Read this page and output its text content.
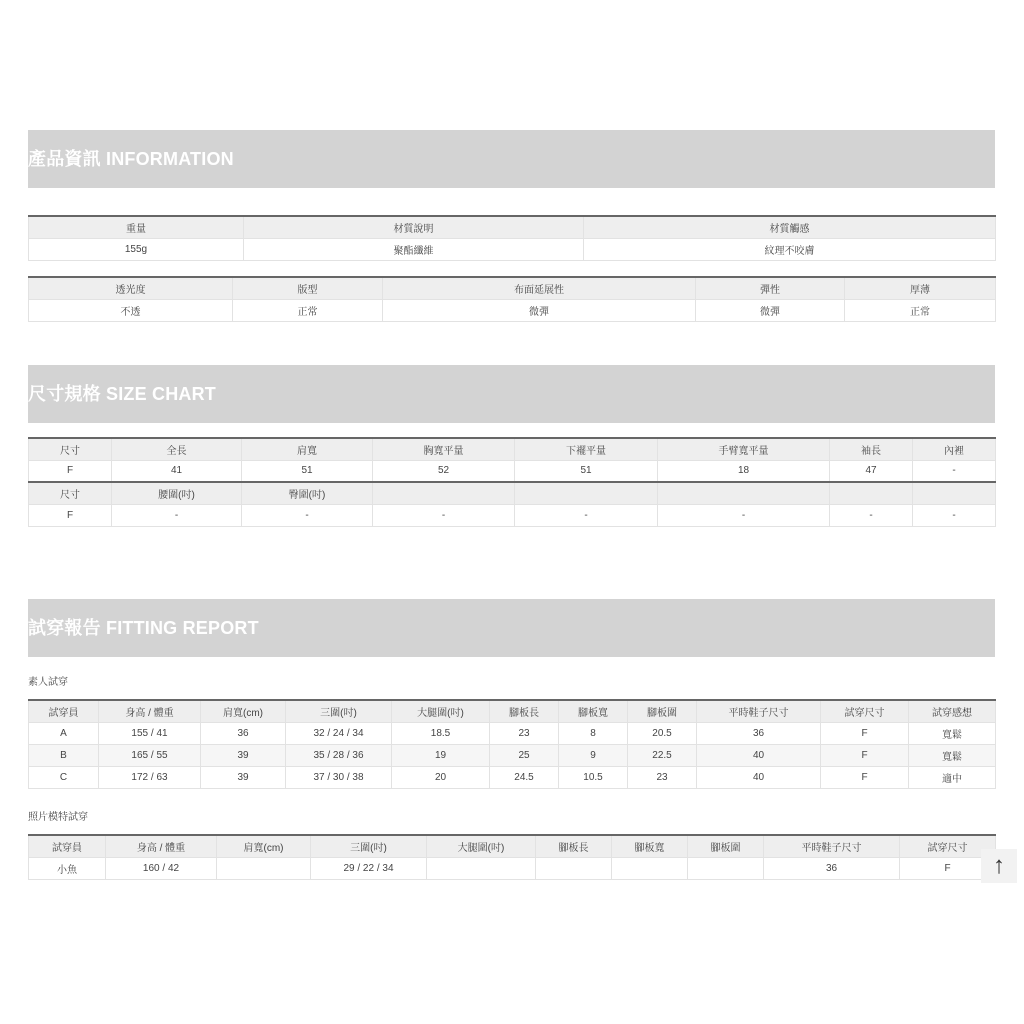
產品資訊 INFORMATION
重量	材質說明	材質觸感
155g	聚酯纖維	紋理不咬膚
透光度	版型	布面延展性	彈性	厚薄
不透	正常	微彈	微彈	正常
尺寸規格 SIZE CHART
尺寸	全長	肩寬	胸寬平量	下襬平量	手臂寬平量	袖長	內裡
F	41	51	52	51	18	47	-
尺寸	腰圍(吋)	臀圍(吋)					
F	-	-	-	-	-	-	-
試穿報告 FITTING REPORT
素人試穿
試穿員	身高 / 體重	肩寬(cm)	三圍(吋)	大腿圍(吋)	腳板長	腳板寬	腳板圍	平時鞋子尺寸	試穿尺寸	試穿感想
A	155 / 41	36	32 / 24 / 34	18.5	23	8	20.5	36	F	寬鬆
B	165 / 55	39	35 / 28 / 36	19	25	9	22.5	40	F	寬鬆
C	172 / 63	39	37 / 30 / 38	20	24.5	10.5	23	40	F	適中
照片模特試穿
試穿員	身高 / 體重	肩寬(cm)	三圍(吋)	大腿圍(吋)	腳板長	腳板寬	腳板圍	平時鞋子尺寸	試穿尺寸
小魚	160 / 42		29 / 22 / 34					36	F ↑
